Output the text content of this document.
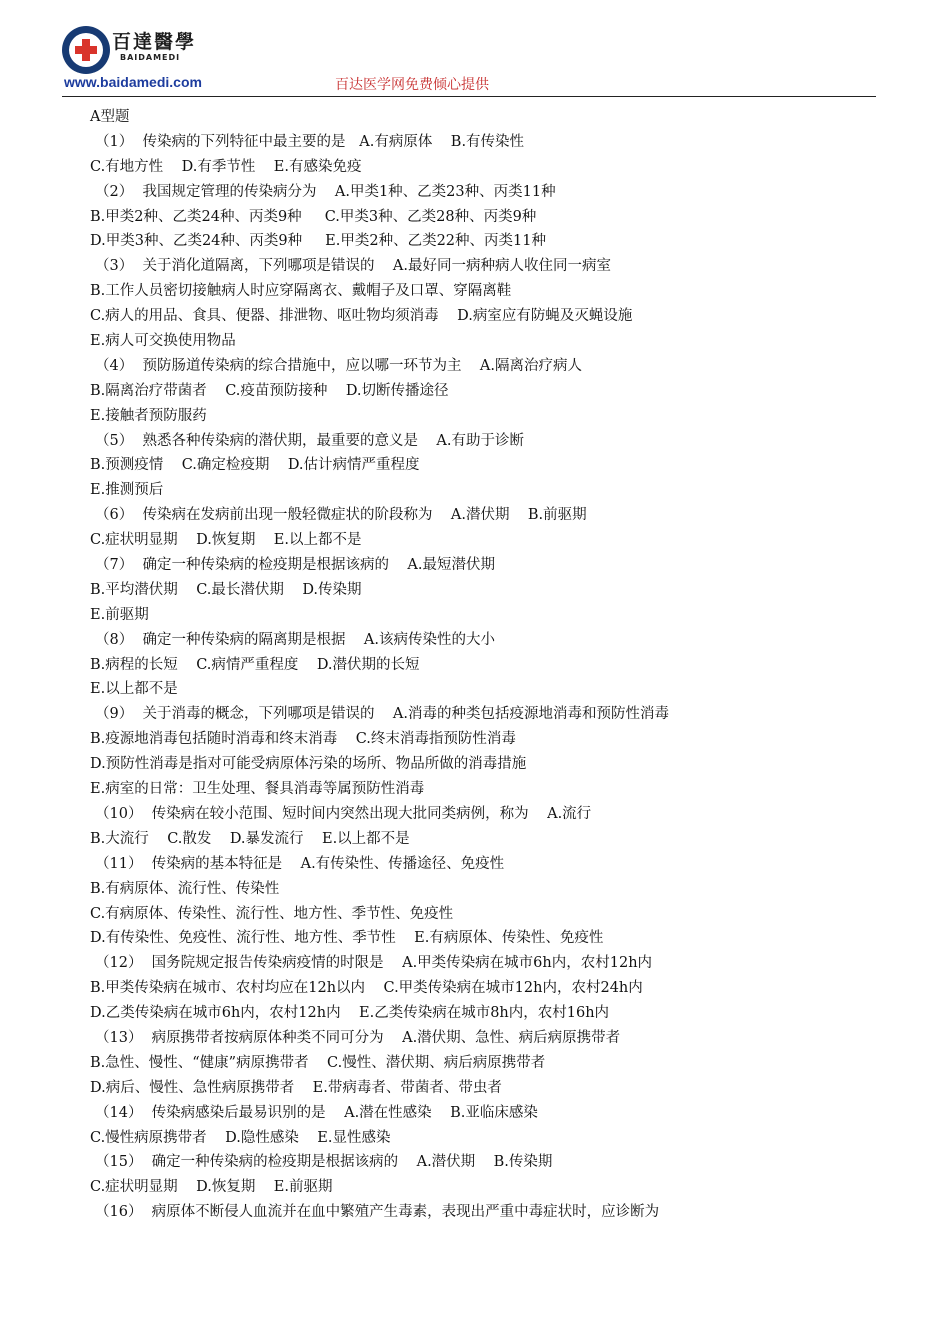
百達醫學
BAIDAMEDI
www.baidamedi.com	百达医学网免费倾心提供
A型题
（1）  传染病的下列特征中最主要的是   A.有病原体    B.有传染性
C.有地方性    D.有季节性    E.有感染免疫
（2）  我国规定管理的传染病分为    A.甲类1种、乙类23种、丙类11种
B.甲类2种、乙类24种、丙类9种     C.甲类3种、乙类28种、丙类9种
D.甲类3种、乙类24种、丙类9种     E.甲类2种、乙类22种、丙类11种
（3）  关于消化道隔离，下列哪项是错误的    A.最好同一病种病人收住同一病室
B.工作人员密切接触病人时应穿隔离衣、戴帽子及口罩、穿隔离鞋
C.病人的用品、食具、便器、排泄物、呕吐物均须消毒    D.病室应有防蝇及灭蝇设施
E.病人可交换使用物品
（4）  预防肠道传染病的综合措施中，应以哪一环节为主    A.隔离治疗病人
B.隔离治疗带菌者    C.疫苗预防接种    D.切断传播途径
E.接触者预防服药
（5）  熟悉各种传染病的潜伏期，最重要的意义是    A.有助于诊断
B.预测疫情    C.确定检疫期    D.估计病情严重程度
E.推测预后
（6）  传染病在发病前出现一般轻微症状的阶段称为    A.潜伏期    B.前驱期
C.症状明显期    D.恢复期    E.以上都不是
（7）  确定一种传染病的检疫期是根据该病的    A.最短潜伏期
B.平均潜伏期    C.最长潜伏期    D.传染期
E.前驱期
（8）  确定一种传染病的隔离期是根据    A.该病传染性的大小
B.病程的长短    C.病情严重程度    D.潜伏期的长短
E.以上都不是
（9）  关于消毒的概念，下列哪项是错误的    A.消毒的种类包括疫源地消毒和预防性消毒
B.疫源地消毒包括随时消毒和终末消毒    C.终末消毒指预防性消毒
D.预防性消毒是指对可能受病原体污染的场所、物品所做的消毒措施
E.病室的日常：卫生处理、餐具消毒等属预防性消毒
（10）  传染病在较小范围、短时间内突然出现大批同类病例，称为    A.流行
B.大流行    C.散发    D.暴发流行    E.以上都不是
（11）  传染病的基本特征是    A.有传染性、传播途径、免疫性
B.有病原体、流行性、传染性
C.有病原体、传染性、流行性、地方性、季节性、免疫性
D.有传染性、免疫性、流行性、地方性、季节性    E.有病原体、传染性、免疫性
（12）  国务院规定报告传染病疫情的时限是    A.甲类传染病在城市6h内，农村12h内
B.甲类传染病在城市、农村均应在12h以内    C.甲类传染病在城市12h内，农村24h内
D.乙类传染病在城市6h内，农村12h内    E.乙类传染病在城市8h内，农村16h内
（13）  病原携带者按病原体种类不同可分为    A.潜伏期、急性、病后病原携带者
B.急性、慢性、“健康”病原携带者    C.慢性、潜伏期、病后病原携带者
D.病后、慢性、急性病原携带者    E.带病毒者、带菌者、带虫者
（14）  传染病感染后最易识别的是    A.潜在性感染    B.亚临床感染
C.慢性病原携带者    D.隐性感染    E.显性感染
（15）  确定一种传染病的检疫期是根据该病的    A.潜伏期    B.传染期
C.症状明显期    D.恢复期    E.前驱期
（16）  病原体不断侵人血流并在血中繁殖产生毒素，表现出严重中毒症状时，应诊断为
